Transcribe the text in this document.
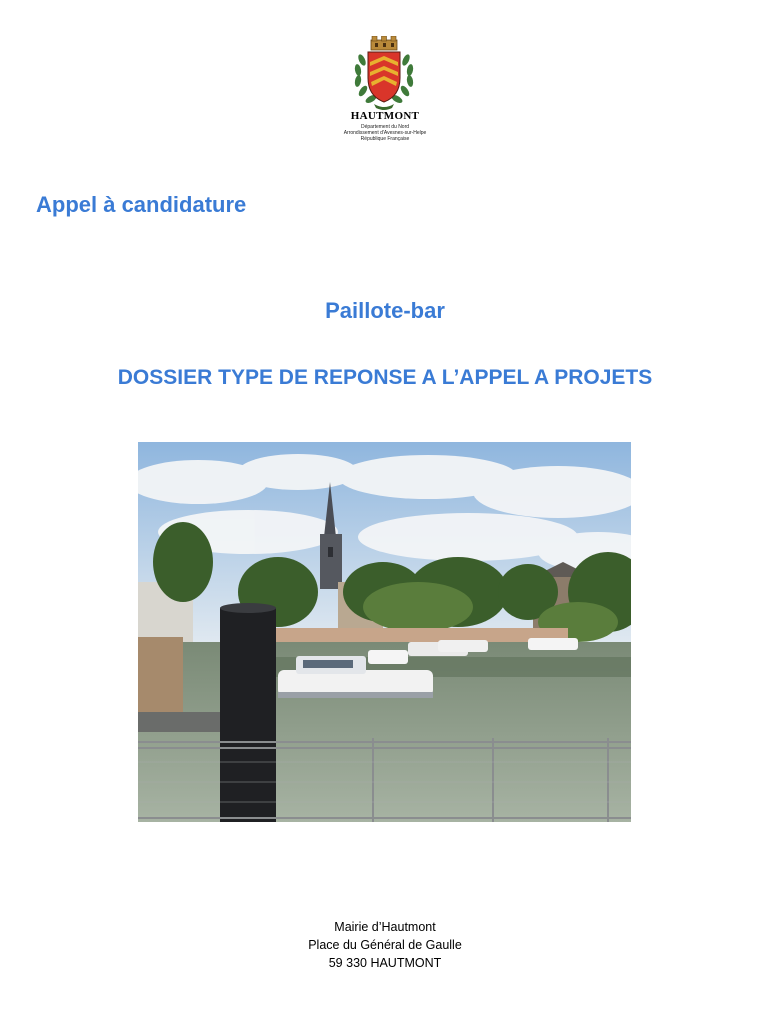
HAUTMONT
Département du Nord
Arrondissement d'Avesnes-sur-Helpe
République Française
Appel à candidature
Paillote-bar
DOSSIER TYPE DE REPONSE A L’APPEL A PROJETS
Mairie d’Hautmont
Place du Général de Gaulle
59 330 HAUTMONT
